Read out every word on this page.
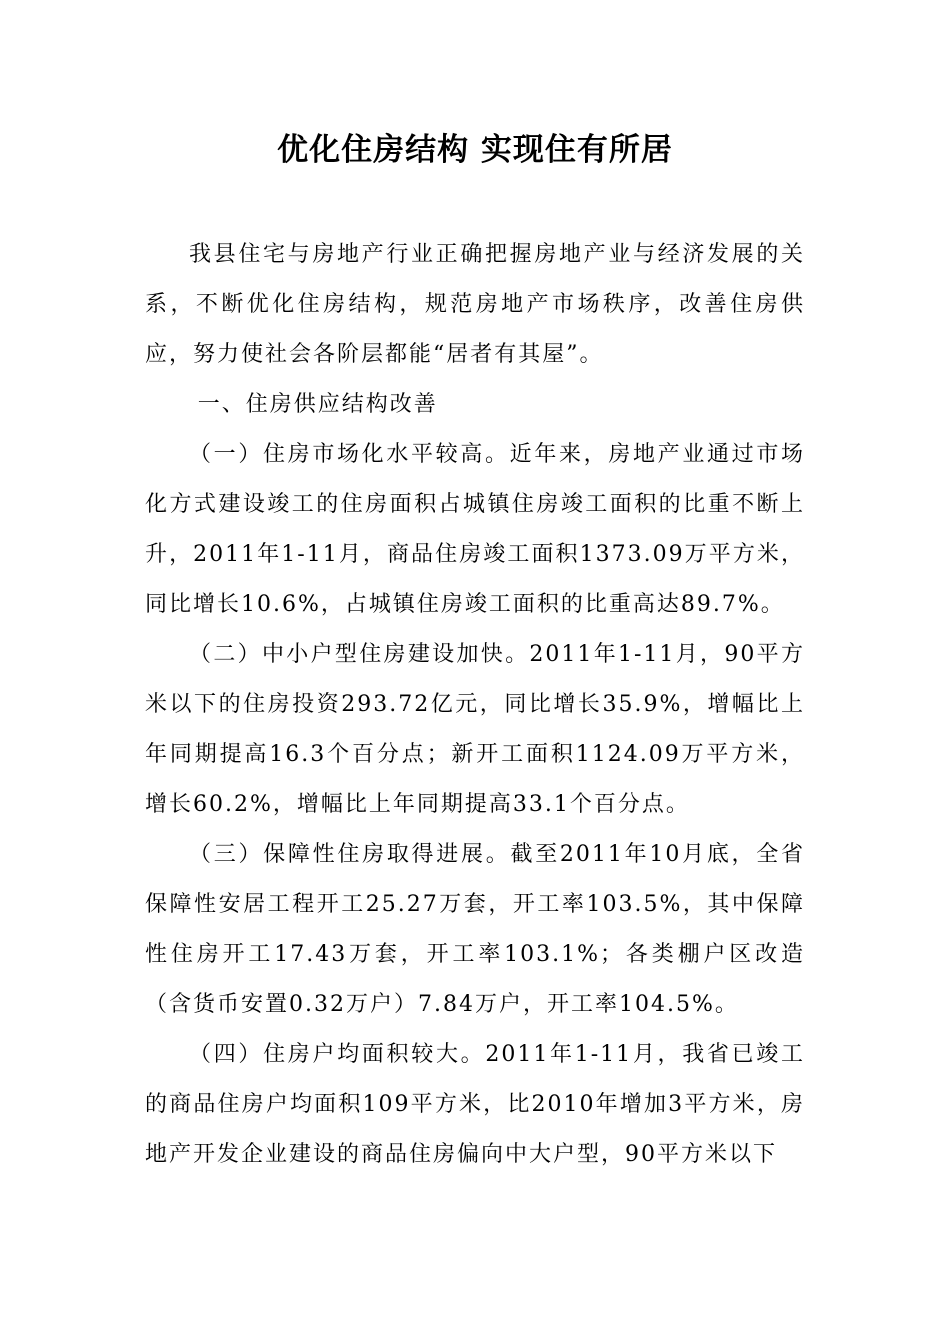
优化住房结构 实现住有所居

我县住宅与房地产行业正确把握房地产业与经济发展的关系，不断优化住房结构，规范房地产市场秩序，改善住房供应，努力使社会各阶层都能“居者有其屋”。

一、住房供应结构改善

（一）住房市场化水平较高。近年来，房地产业通过市场化方式建设竣工的住房面积占城镇住房竣工面积的比重不断上升，2011年1-11月，商品住房竣工面积1373.09万平方米，同比增长10.6%，占城镇住房竣工面积的比重高达89.7%。

（二）中小户型住房建设加快。2011年1-11月，90平方米以下的住房投资293.72亿元，同比增长35.9%，增幅比上年同期提高16.3个百分点；新开工面积1124.09万平方米，增长60.2%，增幅比上年同期提高33.1个百分点。

（三）保障性住房取得进展。截至2011年10月底，全省保障性安居工程开工25.27万套，开工率103.5%，其中保障性住房开工17.43万套，开工率103.1%；各类棚户区改造（含货币安置0.32万户）7.84万户，开工率104.5%。

（四）住房户均面积较大。2011年1-11月，我省已竣工的商品住房户均面积109平方米，比2010年增加3平方米，房地产开发企业建设的商品住房偏向中大户型，90平方米以下
